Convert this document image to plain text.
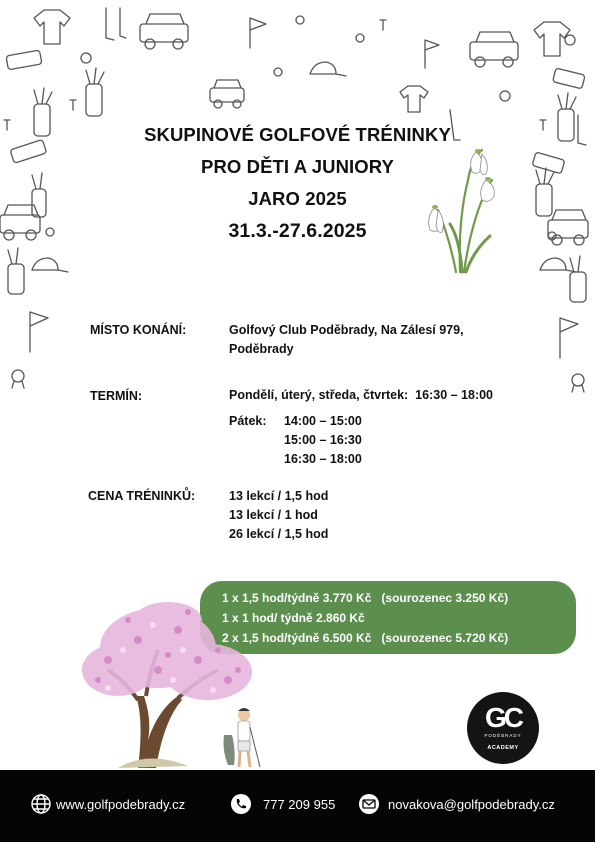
SKUPINOVÉ GOLFOVÉ TRÉNINKY
PRO DĚTI A JUNIORY
JARO 2025
31.3.-27.6.2025
MÍSTO KONÁNÍ:	Golfový Club Poděbrady, Na Zálesí 979,
Poděbrady
TERMÍN:	Pondělí, úterý, středa, čtvrtek:  16:30 – 18:00
Pátek: 14:00 – 15:00
15:00 – 16:30
16:30 – 18:00
CENA TRÉNINKŮ:	13 lekcí / 1,5 hod
13 lekcí / 1 hod
26 lekcí / 1,5 hod
1 x 1,5 hod/týdně 3.770 Kč   (sourozenec 3.250 Kč)
1 x 1 hod/ týdně 2.860 Kč
2 x 1,5 hod/týdně 6.500 Kč   (sourozenec 5.720 Kč)
GC
PODĚBRADY
ACADEMY
www.golfpodebrady.cz	777 209 955	novakova@golfpodebrady.cz
